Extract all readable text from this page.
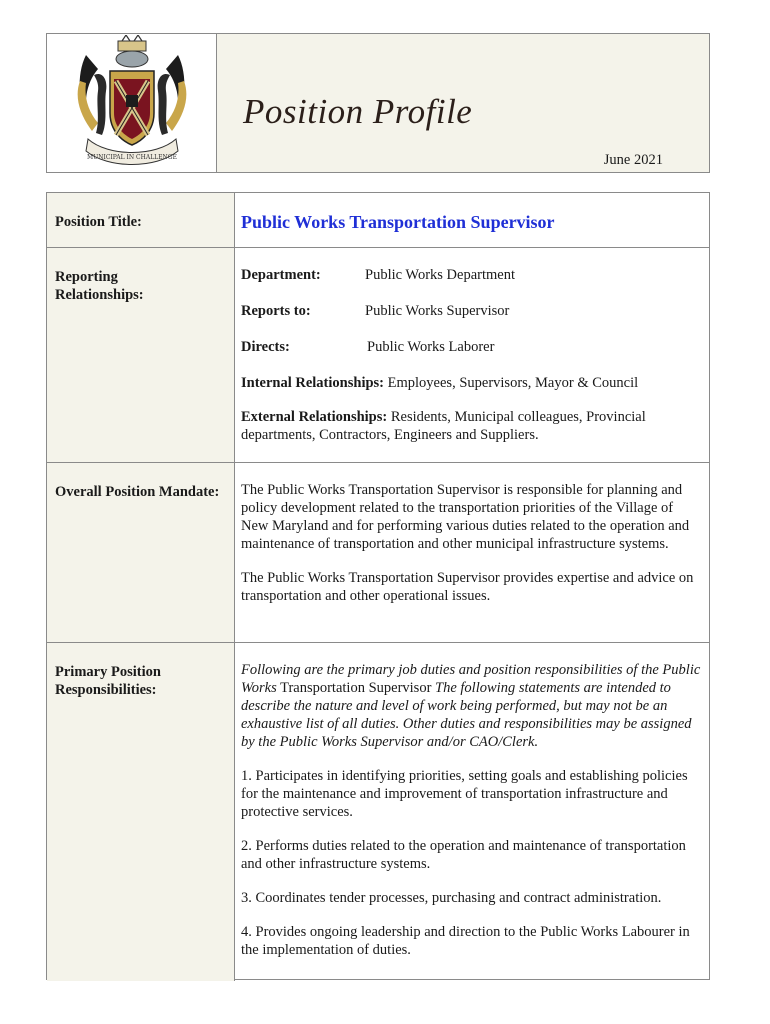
MUNICIPAL IN CHALLENGE
Position Profile
June 2021
Position Title:	Public Works Transportation Supervisor
Reporting
Relationships:
Department:	Public Works Department
Reports to:	Public Works Supervisor
Directs:	Public Works Laborer
Internal Relationships: Employees, Supervisors, Mayor & Council
External Relationships: Residents, Municipal colleagues, Provincial departments, Contractors, Engineers and Suppliers.
Overall Position Mandate:	The Public Works Transportation Supervisor is responsible for planning and policy development related to the transportation priorities of the Village of New Maryland and for performing various duties related to the operation and maintenance of transportation and other municipal infrastructure systems.

The Public Works Transportation Supervisor provides expertise and advice on transportation and other operational issues.

Primary Position
Responsibilities:

Following are the primary job duties and position responsibilities of the Public Works Transportation Supervisor The following statements are intended to describe the nature and level of work being performed, but may not be an exhaustive list of all duties. Other duties and responsibilities may be assigned by the Public Works Supervisor and/or CAO/Clerk.

1. Participates in identifying priorities, setting goals and establishing policies for the maintenance and improvement of transportation infrastructure and protective services.

2. Performs duties related to the operation and maintenance of transportation and other infrastructure systems.

3. Coordinates tender processes, purchasing and contract administration.

4. Provides ongoing leadership and direction to the Public Works Labourer in the implementation of duties.
